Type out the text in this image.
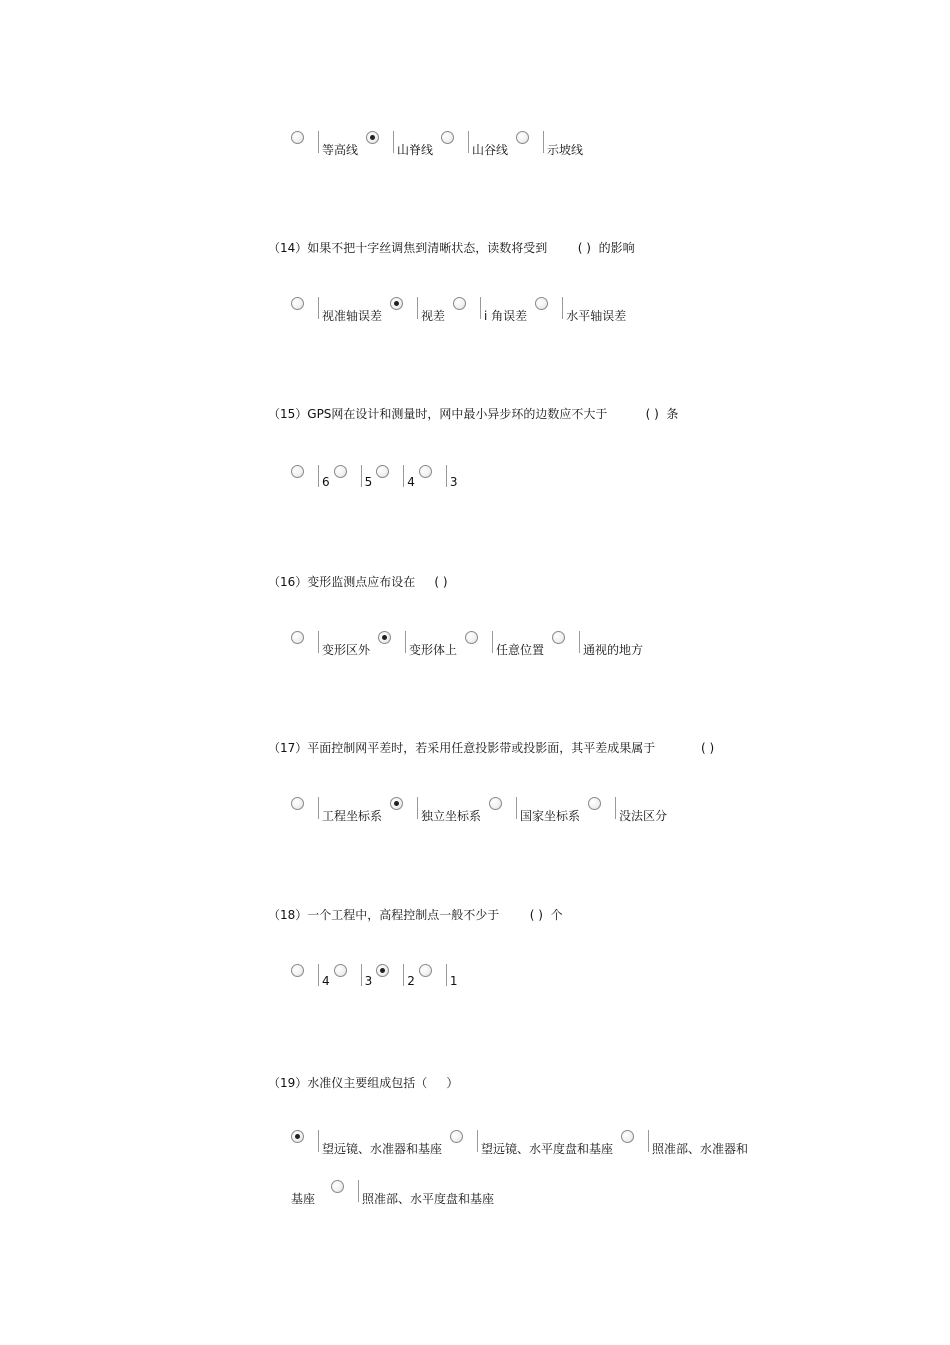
等高线	山脊线	山谷线	示坡线
（14）如果不把十字丝调焦到清晰状态，读数将受到        ( )  的影响
视准轴误差	视差	i 角误差	水平轴误差
（15）GPS网在设计和测量时，网中最小异步环的边数应不大于          ( )  条
6	5	4	3
（16）变形监测点应布设在     ( )
变形区外	变形体上	任意位置	通视的地方
（17）平面控制网平差时，若采用任意投影带或投影面，其平差成果属于            ( )
工程坐标系	独立坐标系	国家坐标系	没法区分
（18）一个工程中，高程控制点一般不少于        ( )  个
4	3	2	1
（19）水准仪主要组成包括（     ）
望远镜、水准器和基座	望远镜、水平度盘和基座	照准部、水准器和
基座	照准部、水平度盘和基座
